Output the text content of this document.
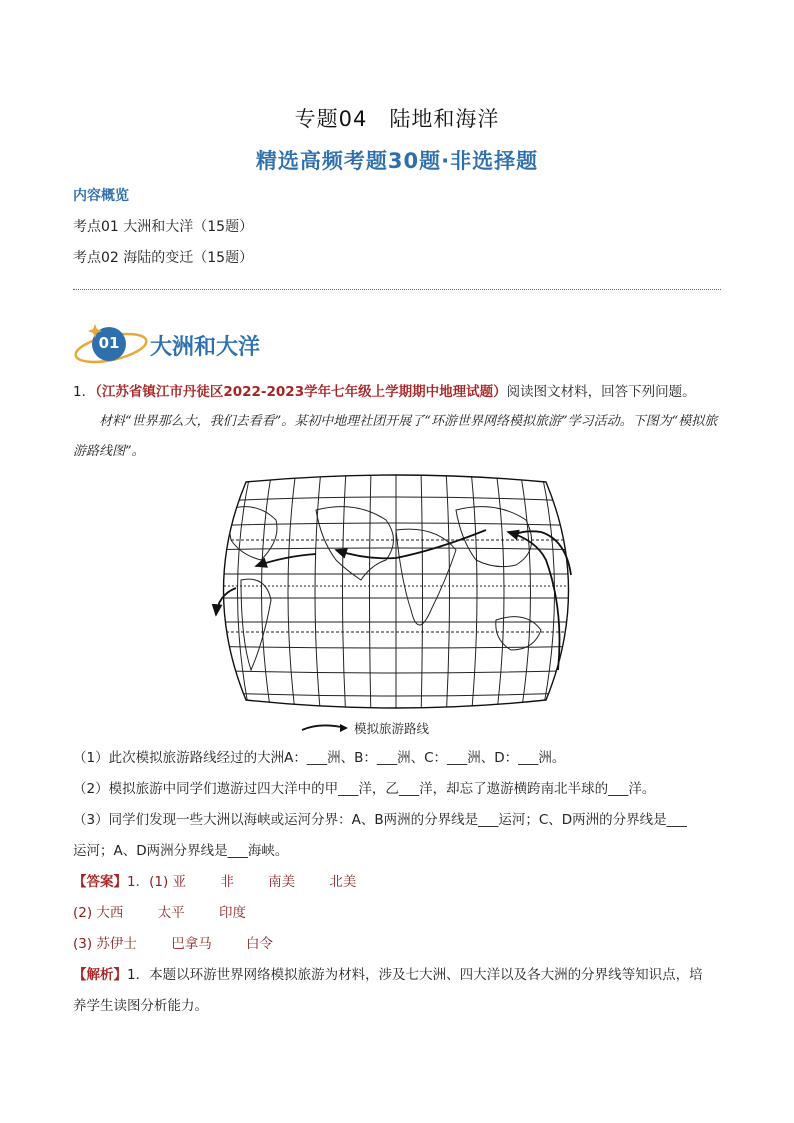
专题04　陆地和海洋
精选高频考题30题·非选择题
内容概览
考点01 大洲和大洋（15题）
考点02 海陆的变迁（15题）
01 大洲和大洋
1．（江苏省镇江市丹徒区2022-2023学年七年级上学期期中地理试题）阅读图文材料，回答下列问题。
材料“世界那么大，我们去看看”。某初中地理社团开展了“环游世界网络模拟旅游”学习活动。下图为“模拟旅游路线图”。
模拟旅游路线
（1）此次模拟旅游路线经过的大洲A：___洲、B：___洲、C：___洲、D：___洲。
（2）模拟旅游中同学们遨游过四大洋中的甲___洋，乙___洋，却忘了遨游横跨南北半球的___洋。
（3）同学们发现一些大洲以海峡或运河分界：A、B两洲的分界线是___运河；C、D两洲的分界线是___
运河；A、D两洲分界线是___海峡。
【答案】1．(1) 亚	非	南美	北美
(2) 大西	太平	印度
(3) 苏伊士	巴拿马	白令
【解析】1．本题以环游世界网络模拟旅游为材料，涉及七大洲、四大洋以及各大洲的分界线等知识点，培
养学生读图分析能力。
